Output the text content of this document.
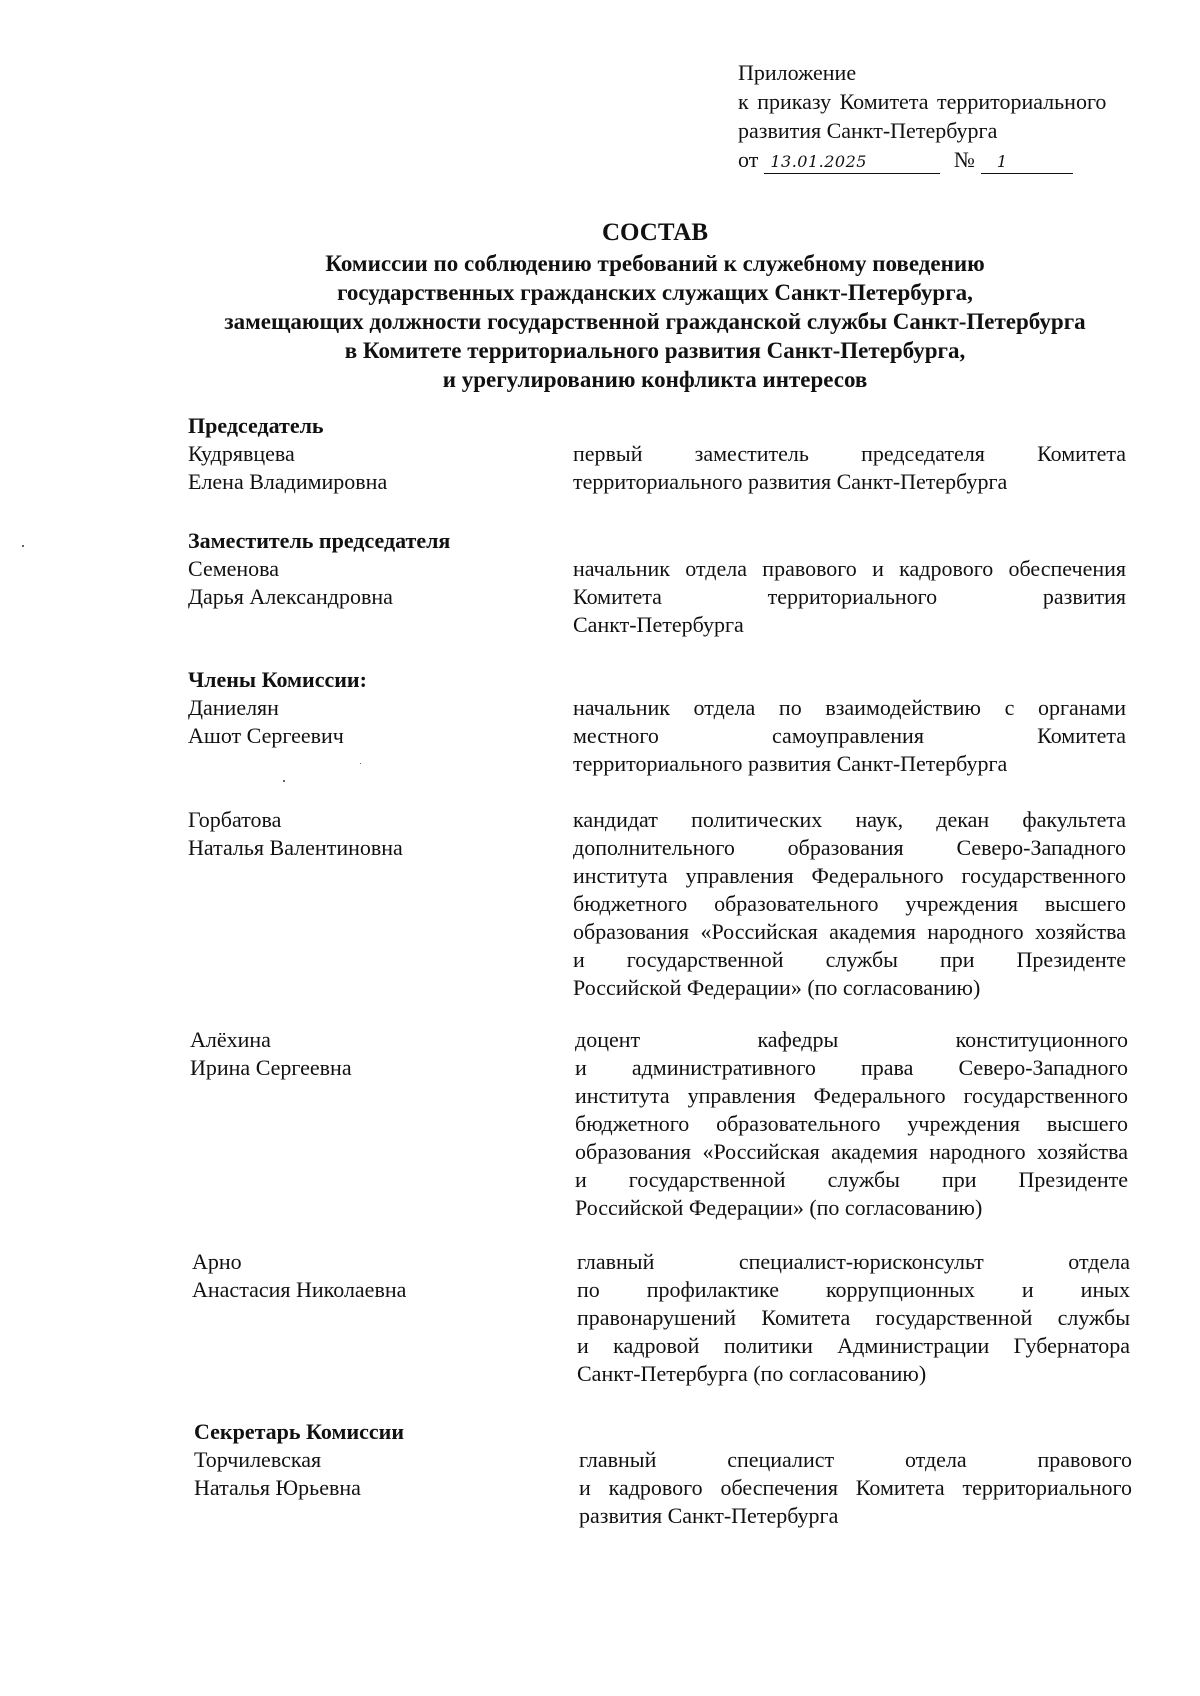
Приложение
к приказу Комитета территориального
развития Санкт-Петербурга
от 13.01.2025	№ 1
СОСТАВ
Комиссии по соблюдению требований к служебному поведению
государственных гражданских служащих Санкт-Петербурга,
замещающих должности государственной гражданской службы Санкт-Петербурга
в Комитете территориального развития Санкт-Петербурга,
и урегулированию конфликта интересов
Председатель
Кудрявцева
Елена Владимировна
первый заместитель председателя Комитета
территориального развития Санкт-Петербурга
Заместитель председателя
Семенова
Дарья Александровна
начальник отдела правового и кадрового обеспечения
Комитета территориального развития
Санкт-Петербурга
Члены Комиссии:
Даниелян
Ашот Сергеевич
начальник отдела по взаимодействию с органами
местного самоуправления Комитета
территориального развития Санкт-Петербурга
Горбатова
Наталья Валентиновна
кандидат политических наук, декан факультета
дополнительного образования Северо-Западного
института управления Федерального государственного
бюджетного образовательного учреждения высшего
образования «Российская академия народного хозяйства
и государственной службы при Президенте
Российской Федерации» (по согласованию)
Алёхина
Ирина Сергеевна
доцент кафедры конституционного
и административного права Северо-Западного
института управления Федерального государственного
бюджетного образовательного учреждения высшего
образования «Российская академия народного хозяйства
и государственной службы при Президенте
Российской Федерации» (по согласованию)
Арно
Анастасия Николаевна
главный специалист-юрисконсульт отдела
по профилактике коррупционных и иных
правонарушений Комитета государственной службы
и кадровой политики Администрации Губернатора
Санкт-Петербурга (по согласованию)
Секретарь Комиссии
Торчилевская
Наталья Юрьевна
главный специалист отдела правового
и кадрового обеспечения Комитета территориального
развития Санкт-Петербурга
